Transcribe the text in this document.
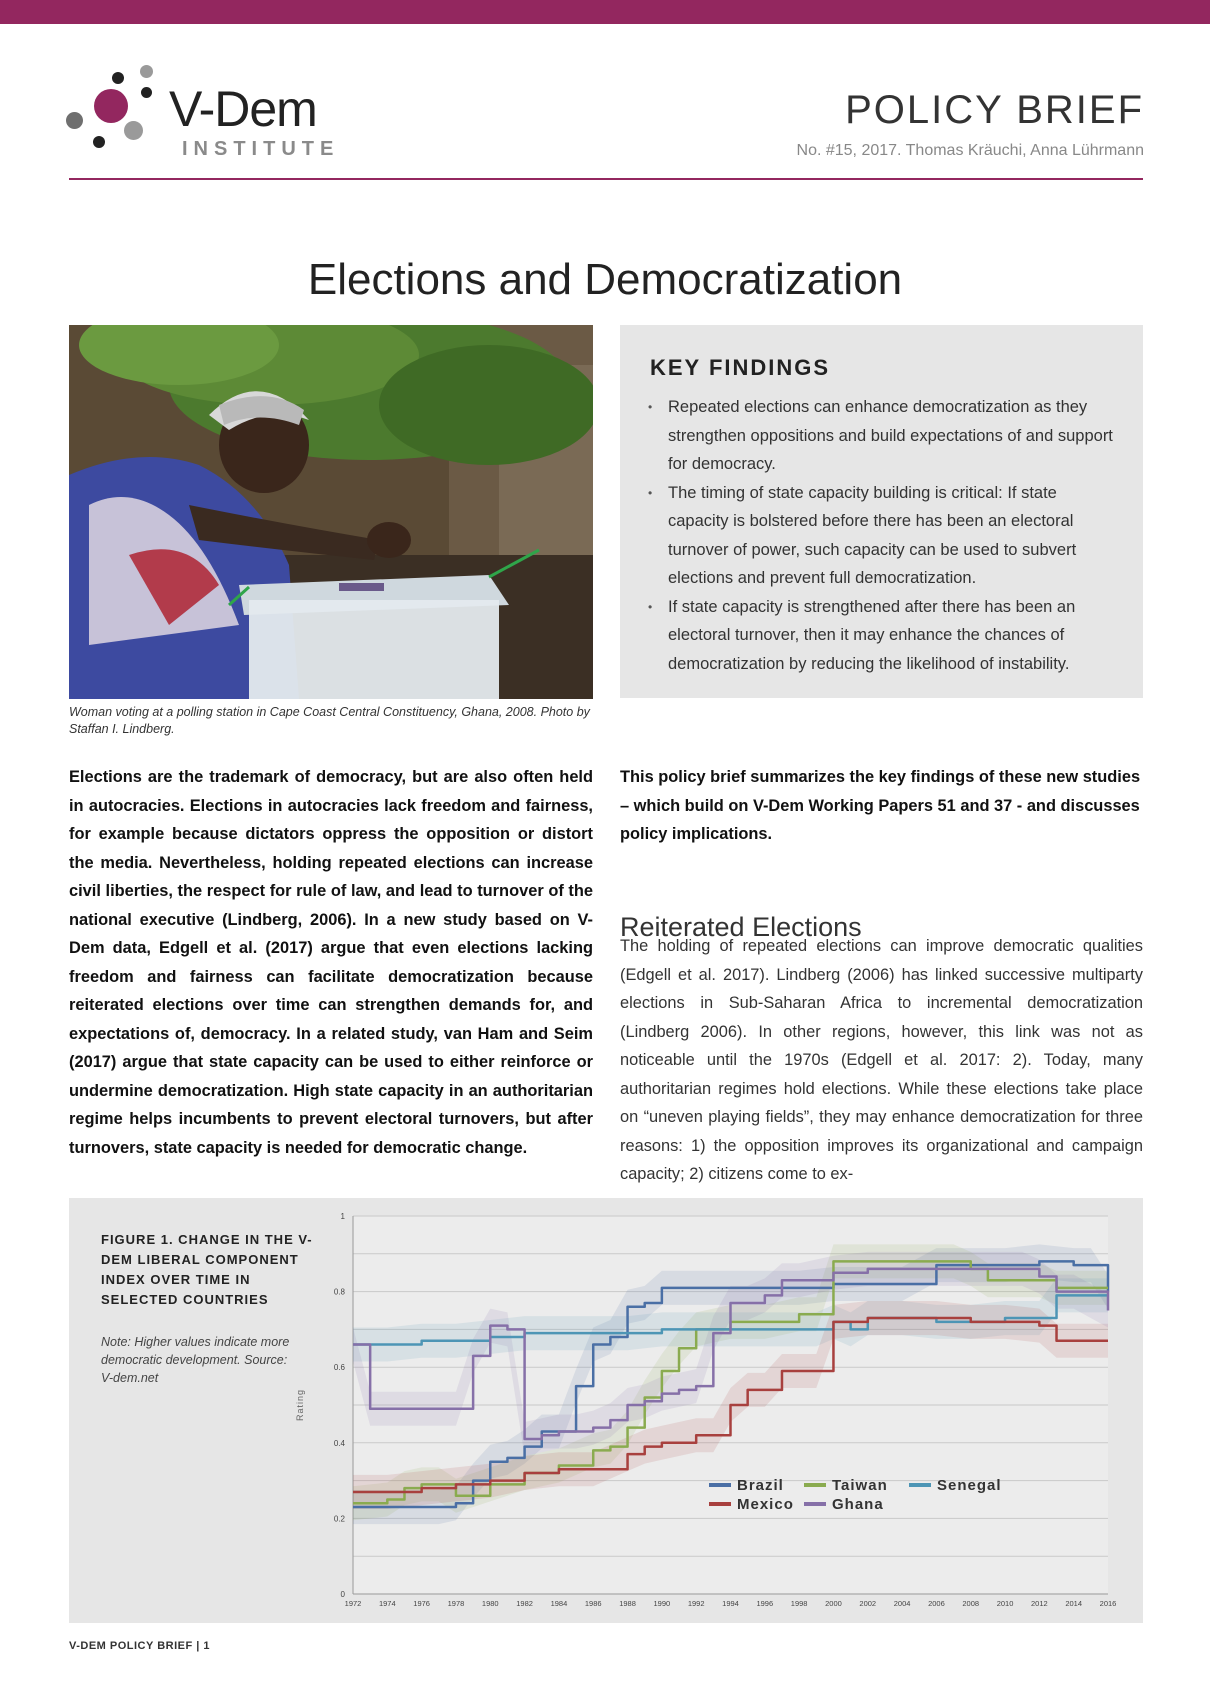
V-Dem
INSTITUTE
POLICY BRIEF
No. #15, 2017. Thomas Kräuchi, Anna Lührmann
Elections and Democratization
Woman voting at a polling station in Cape Coast Central Constituency, Ghana, 2008. Photo by Staffan I. Lindberg.
KEY FINDINGS
• Repeated elections can enhance democratization as they strengthen oppositions and build expectations of and support for democracy.
• The timing of state capacity building is critical: If state capacity is bolstered before there has been an electoral turnover of power, such capacity can be used to subvert elections and prevent full democratization.
• If state capacity is strengthened after there has been an electoral turnover, then it may enhance the chances of democratization by reducing the likelihood of instability.
Elections are the trademark of democracy, but are also often held in autocracies. Elections in autocracies lack freedom and fairness, for example because dictators oppress the opposition or distort the media. Nevertheless, holding repeated elections can increase civil liberties, the respect for rule of law, and lead to turnover of the national executive (Lindberg, 2006). In a new study based on V-Dem data, Edgell et al. (2017) argue that even elections lacking freedom and fairness can facilitate democratization because reiterated elections over time can strengthen demands for, and expectations of, democracy. In a related study, van Ham and Seim (2017) argue that state capacity can be used to either reinforce or undermine democratization. High state capacity in an authoritarian regime helps incumbents to prevent electoral turnovers, but after turnovers, state capacity is needed for democratic change.
This policy brief summarizes the key findings of these new studies – which build on V-Dem Working Papers 51 and 37 - and discusses policy implications.
Reiterated Elections
The holding of repeated elections can improve democratic qualities (Edgell et al. 2017). Lindberg (2006) has linked successive multiparty elections in Sub-Saharan Africa to incremental democratization (Lindberg 2006). In other regions, however, this link was not as noticeable until the 1970s (Edgell et al. 2017: 2). Today, many authoritarian regimes hold elections. While these elections take place on “uneven playing fields”, they may enhance democratization for three reasons: 1) the opposition improves its organizational and campaign capacity; 2) citizens come to ex-
FIGURE 1. CHANGE IN THE V-DEM LIBERAL COMPONENT INDEX OVER TIME IN SELECTED COUNTRIES
Note: Higher values indicate more democratic development. Source: V-dem.net
0
0.2
0.4
0.6
0.8
1
Rating
1972 1974 1976 1978 1980 1982 1984 1986 1988 1990 1992 1994 1996 1998 2000 2002 2004 2006 2008 2010 2012 2014 2016
Brazil	Taiwan	Senegal
Mexico	Ghana
V-DEM POLICY BRIEF | 1
